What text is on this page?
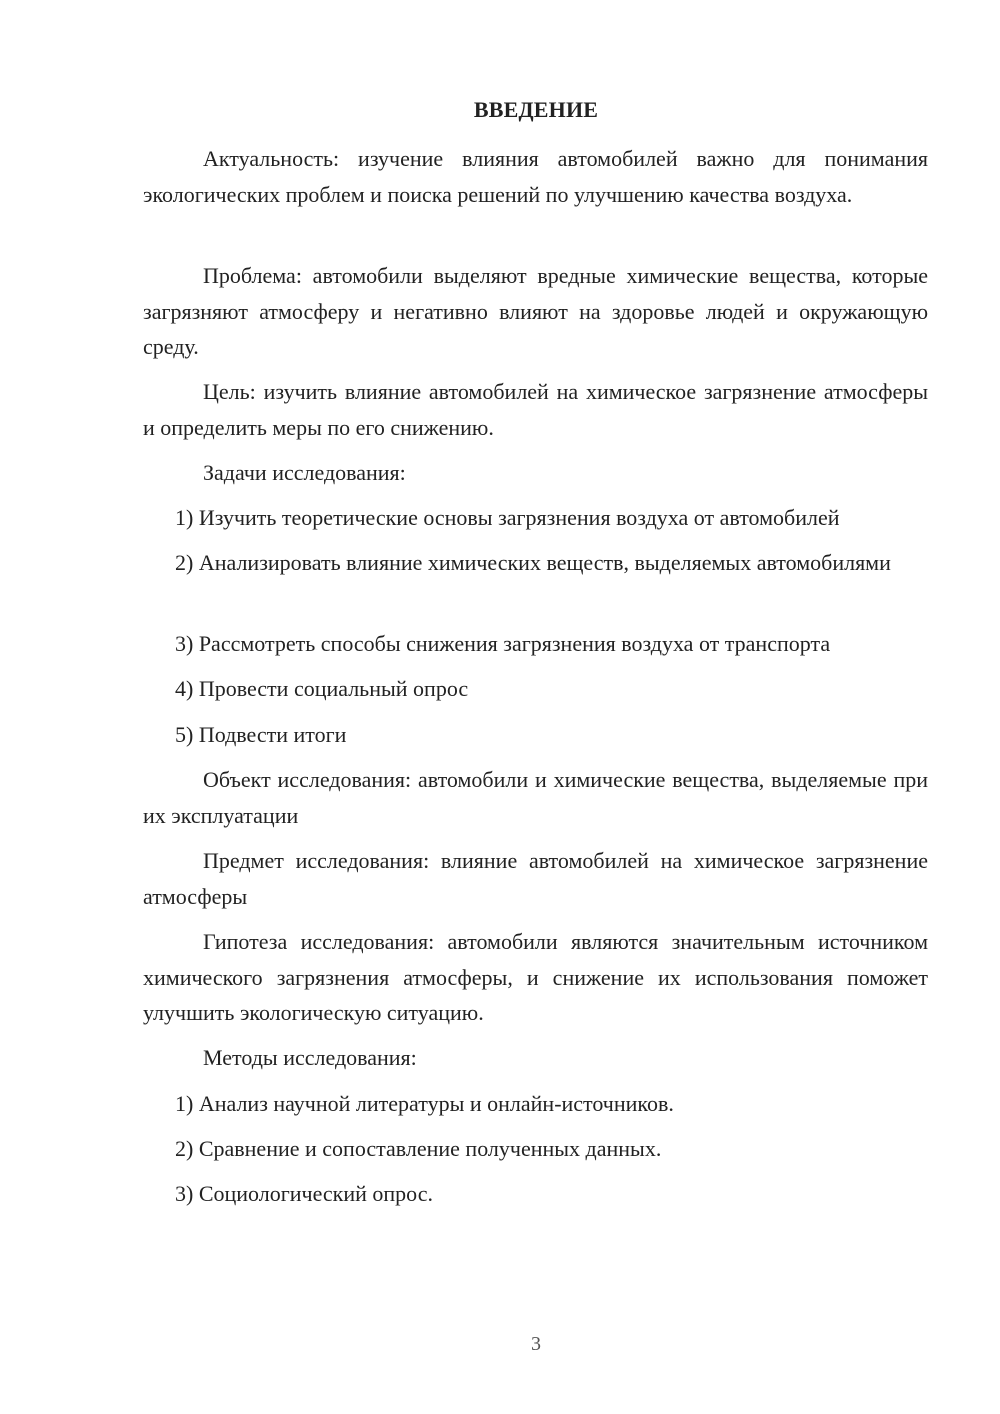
ВВЕДЕНИЕ

Актуальность: изучение влияния автомобилей важно для понимания экологических проблем и поиска решений по улучшению качества воздуха.

Проблема: автомобили выделяют вредные химические вещества, которые загрязняют атмосферу и негативно влияют на здоровье людей и окружающую среду.

Цель: изучить влияние автомобилей на химическое загрязнение атмосферы и определить меры по его снижению.

Задачи исследования:
1) Изучить теоретические основы загрязнения воздуха от автомобилей

2) Анализировать влияние химических веществ, выделяемых автомобилями

3) Рассмотреть способы снижения загрязнения воздуха от транспорта
4) Провести социальный опрос
5) Подвести итоги

Объект исследования: автомобили и химические вещества, выделяемые при их эксплуатации

Предмет исследования: влияние автомобилей на химическое загрязнение атмосферы

Гипотеза исследования: автомобили являются значительным источником химического загрязнения атмосферы, и снижение их использования поможет улучшить экологическую ситуацию.

Методы исследования:
1) Анализ научной литературы и онлайн-источников.
2) Сравнение и сопоставление полученных данных.
3) Социологический опрос.
3
